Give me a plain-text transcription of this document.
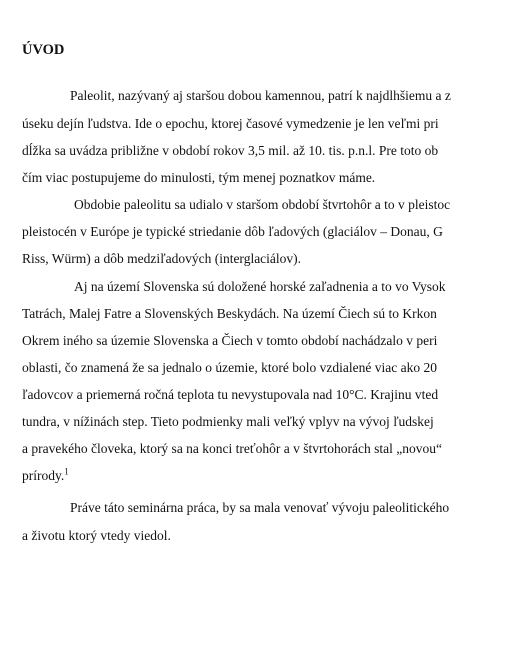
ÚVOD

Paleolit, nazývaný aj staršou dobou kamennou, patrí k najdlhšiemu a z

úseku dejín ľudstva. Ide o epochu, ktorej časové vymedzenie je len veľmi pri

dĺžka sa uvádza približne v období rokov 3,5 mil. až 10. tis. p.n.l. Pre toto ob

čím viac postupujeme do minulosti, tým menej poznatkov máme.

Obdobie paleolitu sa udialo v staršom období štvrtohôr a to v pleistoc

pleistocén v Európe je typické striedanie dôb ľadových (glaciálov – Donau, G

Riss, Würm) a dôb medziľadových (interglaciálov).

Aj na území Slovenska sú doložené horské zaľadnenia a to vo Vysok

Tatrách, Malej Fatre a Slovenských Beskydách. Na území Čiech sú to Krkon

Okrem iného sa územie Slovenska a Čiech v tomto období nachádzalo v peri

oblasti, čo znamená že sa jednalo o územie, ktoré bolo vzdialené viac ako 20

ľadovcov a priemerná ročná teplota tu nevystupovala nad 10°C. Krajinu vted

tundra, v nížinách step. Tieto podmienky mali veľký vplyv na vývoj ľudskej

a pravekého človeka, ktorý sa na konci treťohôr a v štvrtohorách stal „novou“

prírody.$^1$

Práve táto seminárna práca, by sa mala venovať vývoju paleolitického

a životu ktorý vtedy viedol.
